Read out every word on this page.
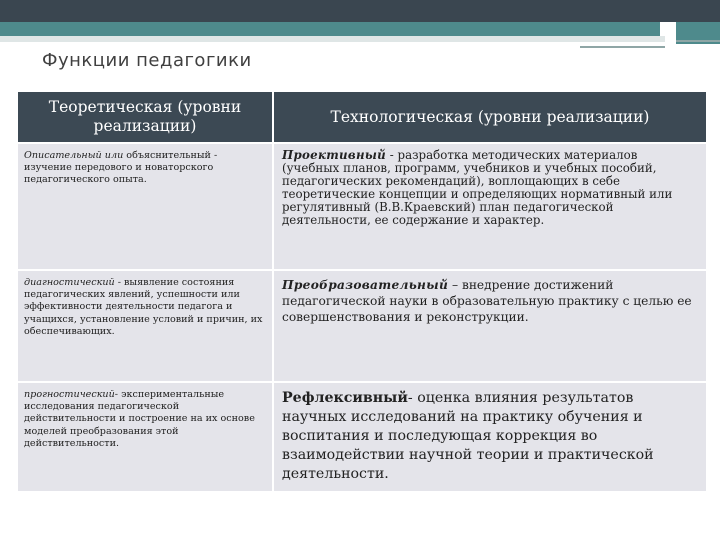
Функции педагогики
Теоретическая (уровни реализации)	Технологическая (уровни реализации)
Описательный или объяснительный - изучение передового и новаторского педагогического опыта.	Проективный - разработка методических материалов (учебных планов, программ, учебников и учебных пособий, педагогических рекомендаций), воплощающих в себе теоретические концепции и определяющих нормативный или регулятивный (В.В.Краевский) план педагогической деятельности, ее содержание и характер.
диагностический - выявление состояния педагогических явлений, успешности или эффективности деятельности педагога и учащихся, установление условий и причин, их обеспечивающих.	Преобразовательный – внедрение достижений педагогической науки в образовательную практику с целью ее совершенствования и реконструкции.
прогностический- экспериментальные исследования педагогической действительности и построение на их основе моделей преобразования этой действительности.	Рефлексивный- оценка влияния результатов научных исследований на практику обучения и воспитания и последующая коррекция во взаимодействии научной теории и практической деятельности.
